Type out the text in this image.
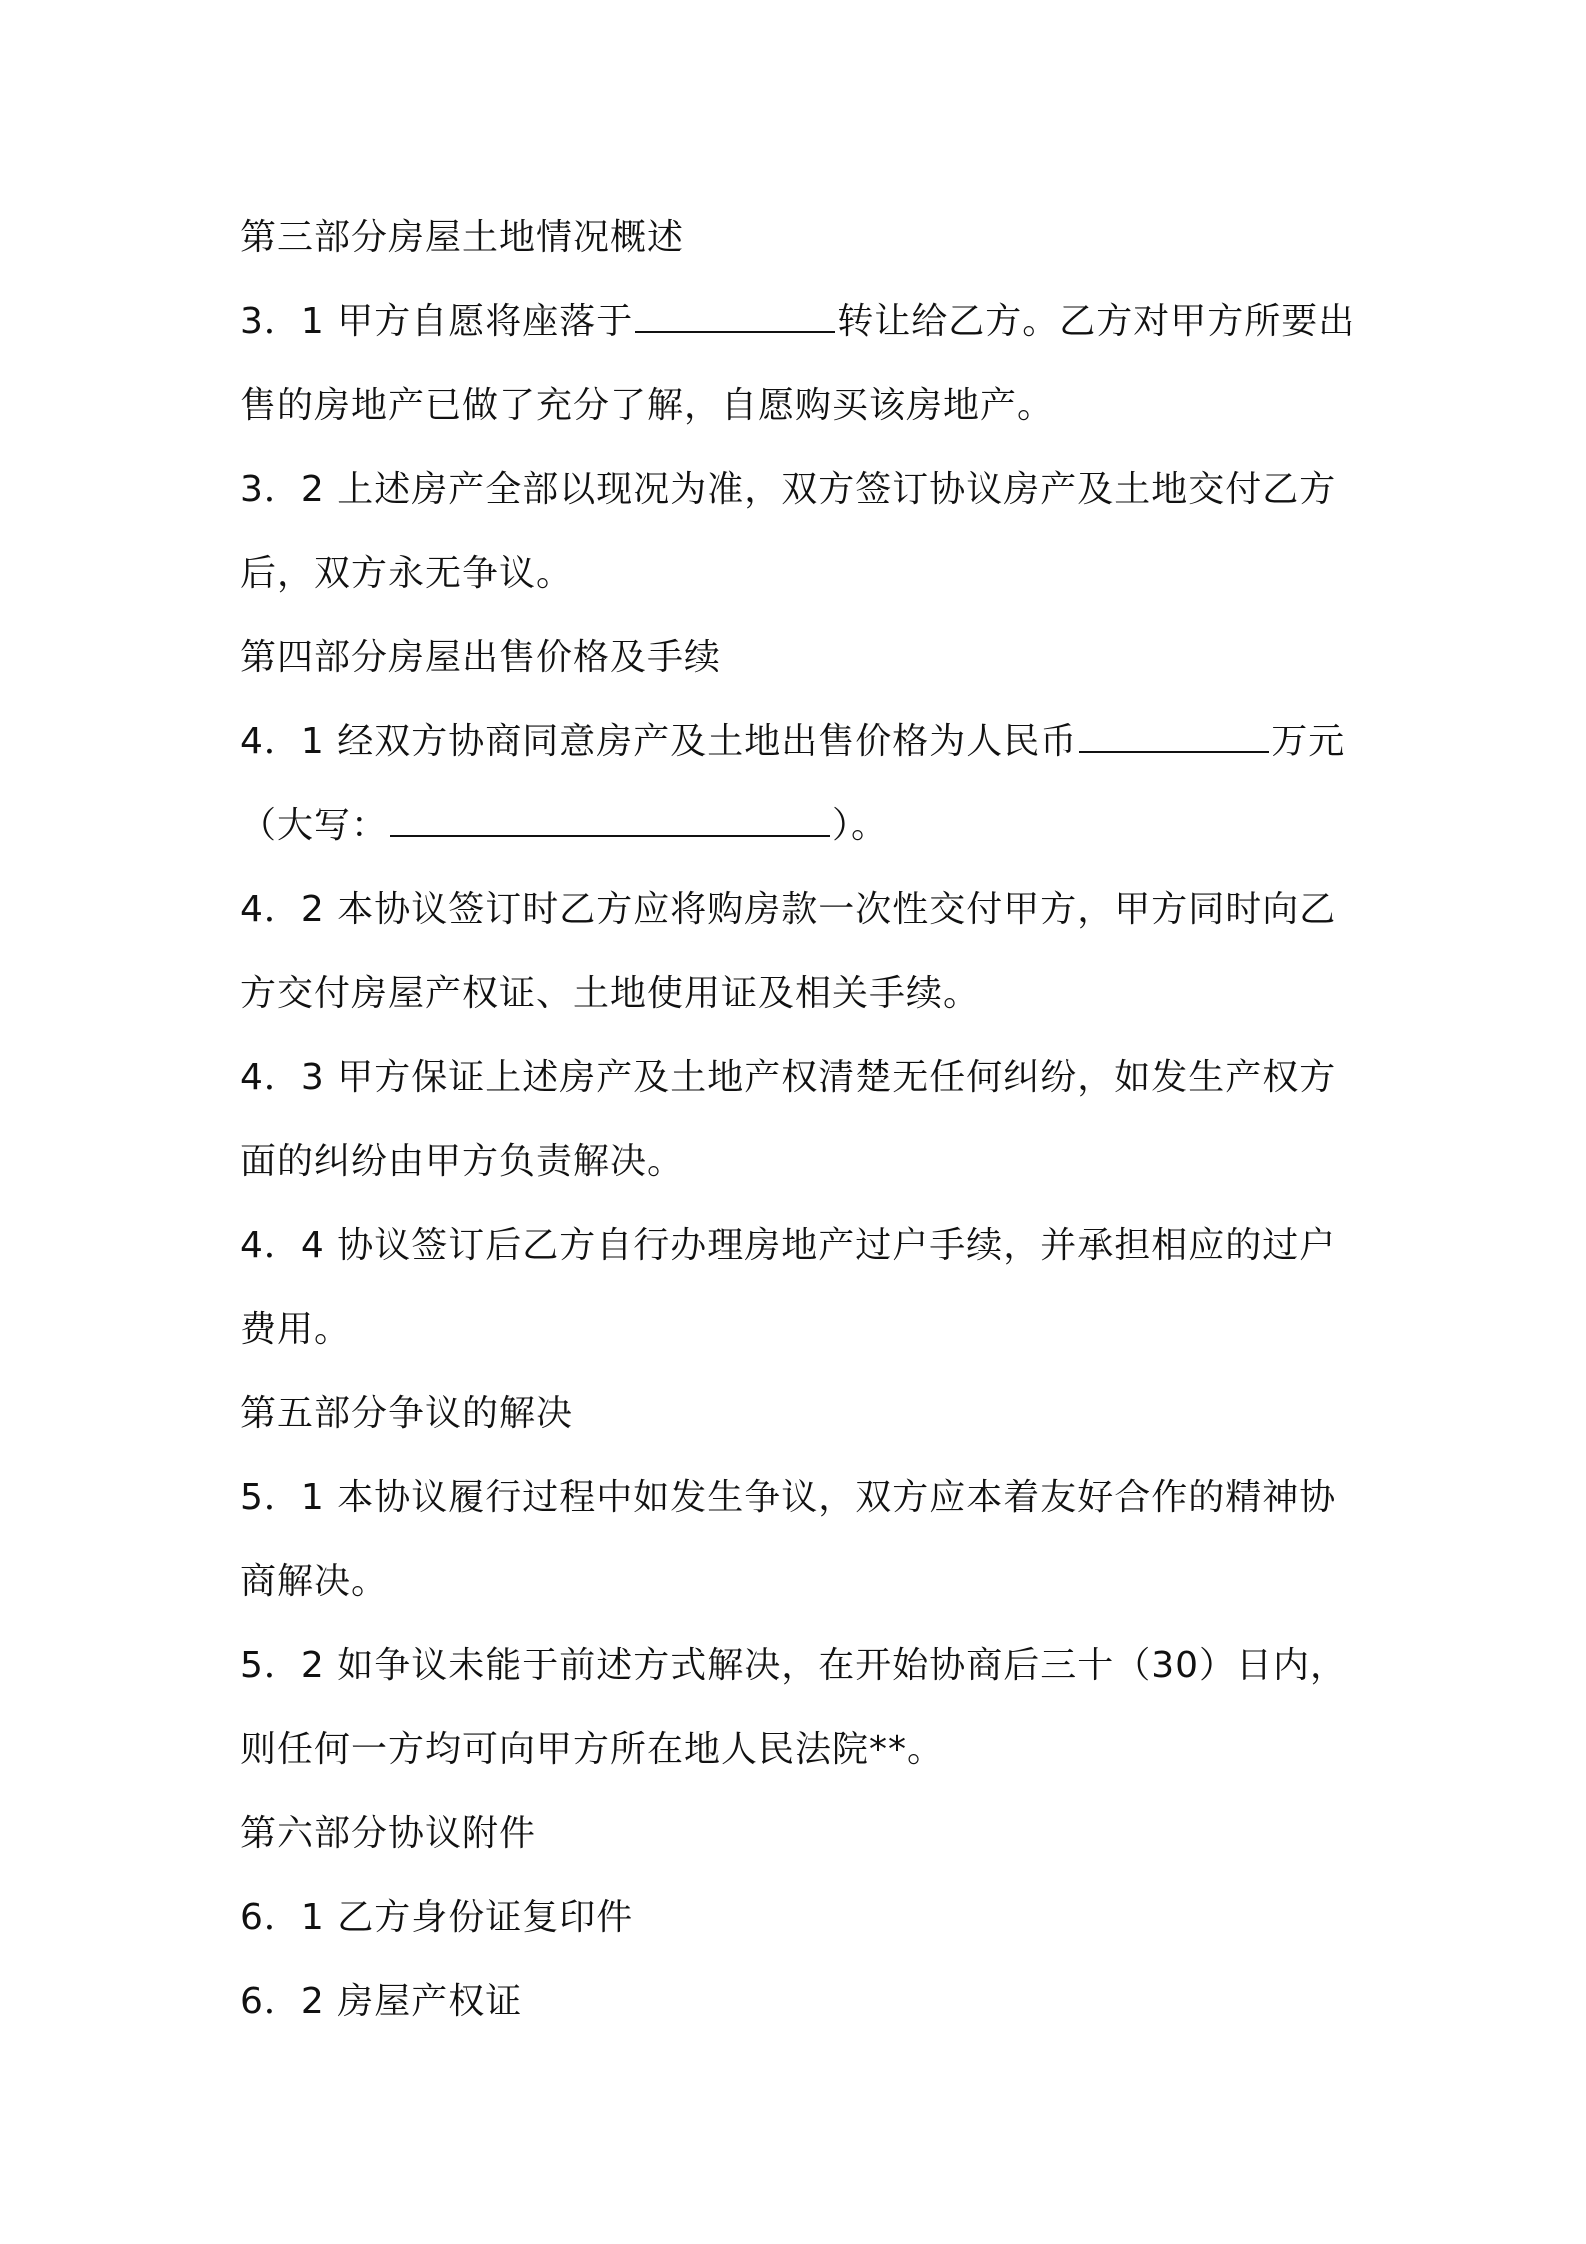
第三部分房屋土地情况概述
3．1 甲方自愿将座落于	转让给乙方。乙方对甲方所要出
售的房地产已做了充分了解，自愿购买该房地产。
3．2 上述房产全部以现况为准，双方签订协议房产及土地交付乙方
后，双方永无争议。
第四部分房屋出售价格及手续
4．1 经双方协商同意房产及土地出售价格为人民币	万元
（大写：	）。
4．2 本协议签订时乙方应将购房款一次性交付甲方，甲方同时向乙
方交付房屋产权证、土地使用证及相关手续。
4．3 甲方保证上述房产及土地产权清楚无任何纠纷，如发生产权方
面的纠纷由甲方负责解决。
4．4 协议签订后乙方自行办理房地产过户手续，并承担相应的过户
费用。
第五部分争议的解决
5．1 本协议履行过程中如发生争议，双方应本着友好合作的精神协
商解决。
5．2 如争议未能于前述方式解决，在开始协商后三十（30）日内，
则任何一方均可向甲方所在地人民法院**。
第六部分协议附件
6．1 乙方身份证复印件
6．2 房屋产权证
